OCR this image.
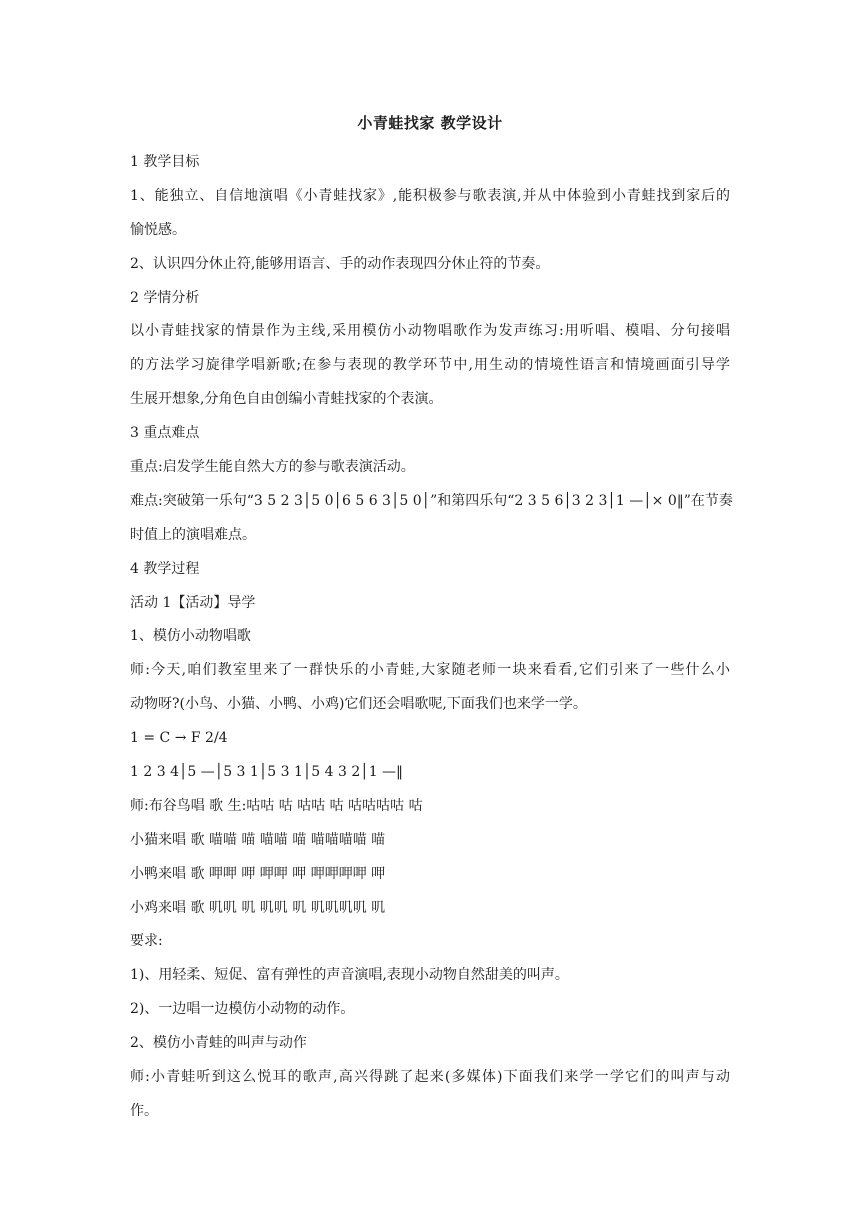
小青蛙找家 教学设计
1 教学目标
1、能独立、自信地演唱《小青蛙找家》,能积极参与歌表演,并从中体验到小青蛙找到家后的
愉悦感。
2、认识四分休止符,能够用语言、手的动作表现四分休止符的节奏。
2 学情分析
以小青蛙找家的情景作为主线,采用模仿小动物唱歌作为发声练习:用听唱、模唱、分句接唱
的方法学习旋律学唱新歌;在参与表现的教学环节中,用生动的情境性语言和情境画面引导学
生展开想象,分角色自由创编小青蛙找家的个表演。
3 重点难点
重点:启发学生能自然大方的参与歌表演活动。
难点:突破第一乐句“3 5 2 3│5 0│6 5 6 3│5 0│”和第四乐句“2 3 5 6│3 2 3│1 —│× 0‖”在节奏
时值上的演唱难点。
4 教学过程
活动 1【活动】导学
1、模仿小动物唱歌
师:今天,咱们教室里来了一群快乐的小青蛙,大家随老师一块来看看,它们引来了一些什么小
动物呀?(小鸟、小猫、小鸭、小鸡)它们还会唱歌呢,下面我们也来学一学。
1 = C → F 2/4
1 2 3 4│5 —│5 3 1│5 3 1│5 4 3 2│1 —‖
师:布谷鸟唱 歌 生:咕咕 咕 咕咕 咕 咕咕咕咕 咕
小猫来唱 歌 喵喵 喵 喵喵 喵 喵喵喵喵 喵
小鸭来唱 歌 呷呷 呷 呷呷 呷 呷呷呷呷 呷
小鸡来唱 歌 叽叽 叽 叽叽 叽 叽叽叽叽 叽
要求:
1)、用轻柔、短促、富有弹性的声音演唱,表现小动物自然甜美的叫声。
2)、一边唱一边模仿小动物的动作。
2、模仿小青蛙的叫声与动作
师:小青蛙听到这么悦耳的歌声,高兴得跳了起来(多媒体)下面我们来学一学它们的叫声与动
作。
